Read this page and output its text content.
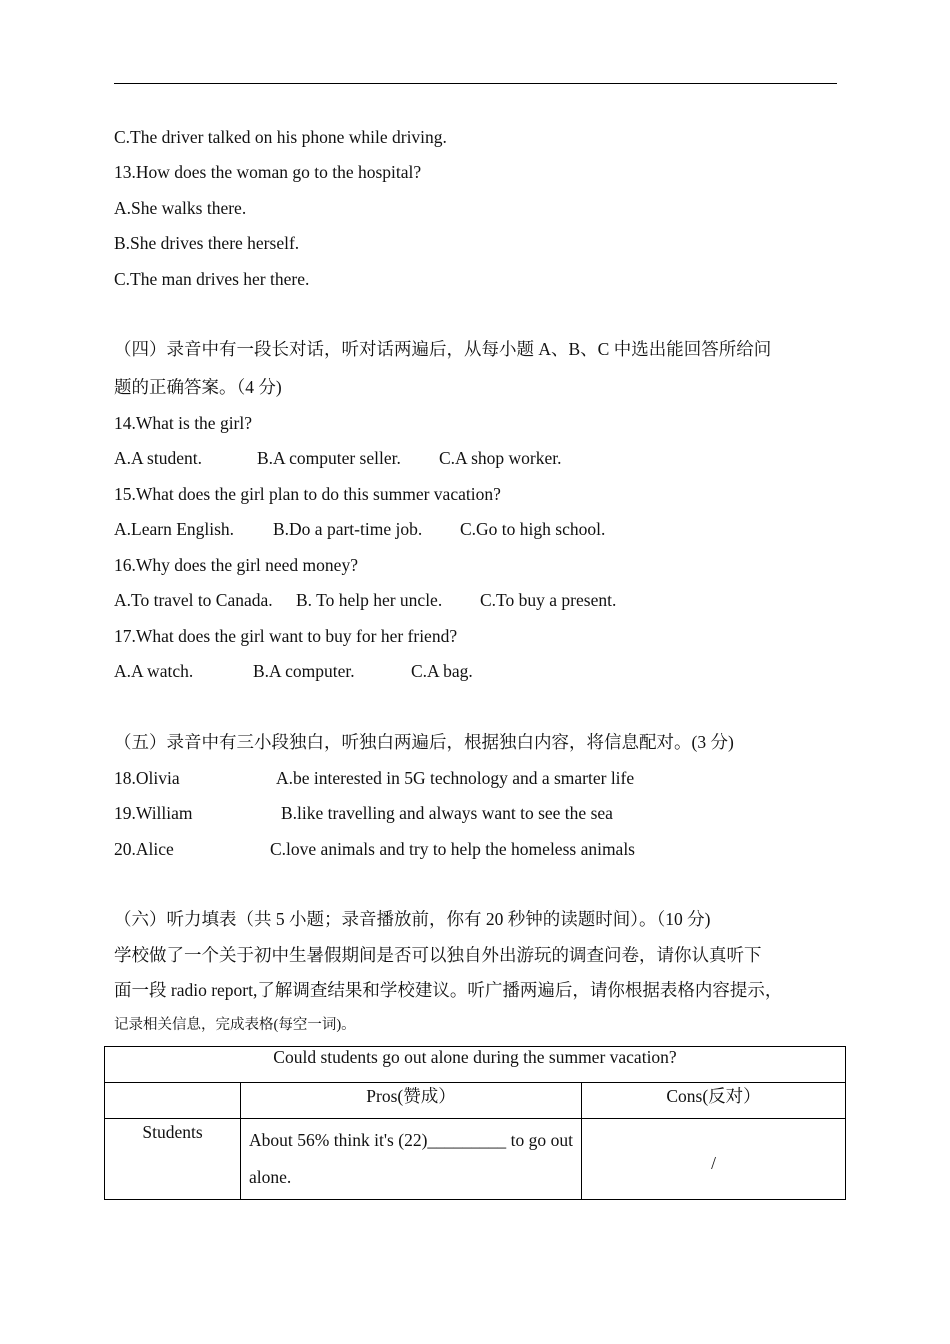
C.The driver talked on his phone while driving.
13.How does the woman go to the hospital?
A.She walks there.
B.She drives there herself.
C.The man drives her there.
（四）录音中有一段长对话，听对话两遍后，从每小题 A、B、C 中选出能回答所给问
题的正确答案。（4 分)
14.What is the girl?
A.A student.	B.A computer seller. C.A shop worker.
15.What does the girl plan to do this summer vacation?
A.Learn English. B.Do a part-time job. C.Go to high school.
16.Why does the girl need money?
A.To travel to Canada. B. To help her uncle. C.To buy a present.
17.What does the girl want to buy for her friend?
A.A watch.	B.A computer.	C.A bag.
（五）录音中有三小段独白，听独白两遍后，根据独白内容，将信息配对。(3 分)
18.Olivia	A.be interested in 5G technology and a smarter life
19.William	B.like travelling and always want to see the sea
20.Alice	C.love animals and try to help the homeless animals
（六）听力填表（共 5 小题；录音播放前，你有 20 秒钟的读题时间）。（10 分)
学校做了一个关于初中生暑假期间是否可以独自外出游玩的调查问卷，请你认真听下
面一段 radio report,了解调查结果和学校建议。听广播两遍后，请你根据表格内容提示，
记录相关信息，完成表格(每空一词)。
Could students go out alone during the summer vacation?		
	Pros(赞成）	Cons(反对）
Students	About 56% think it's (22)_________ to go out alone.	/
